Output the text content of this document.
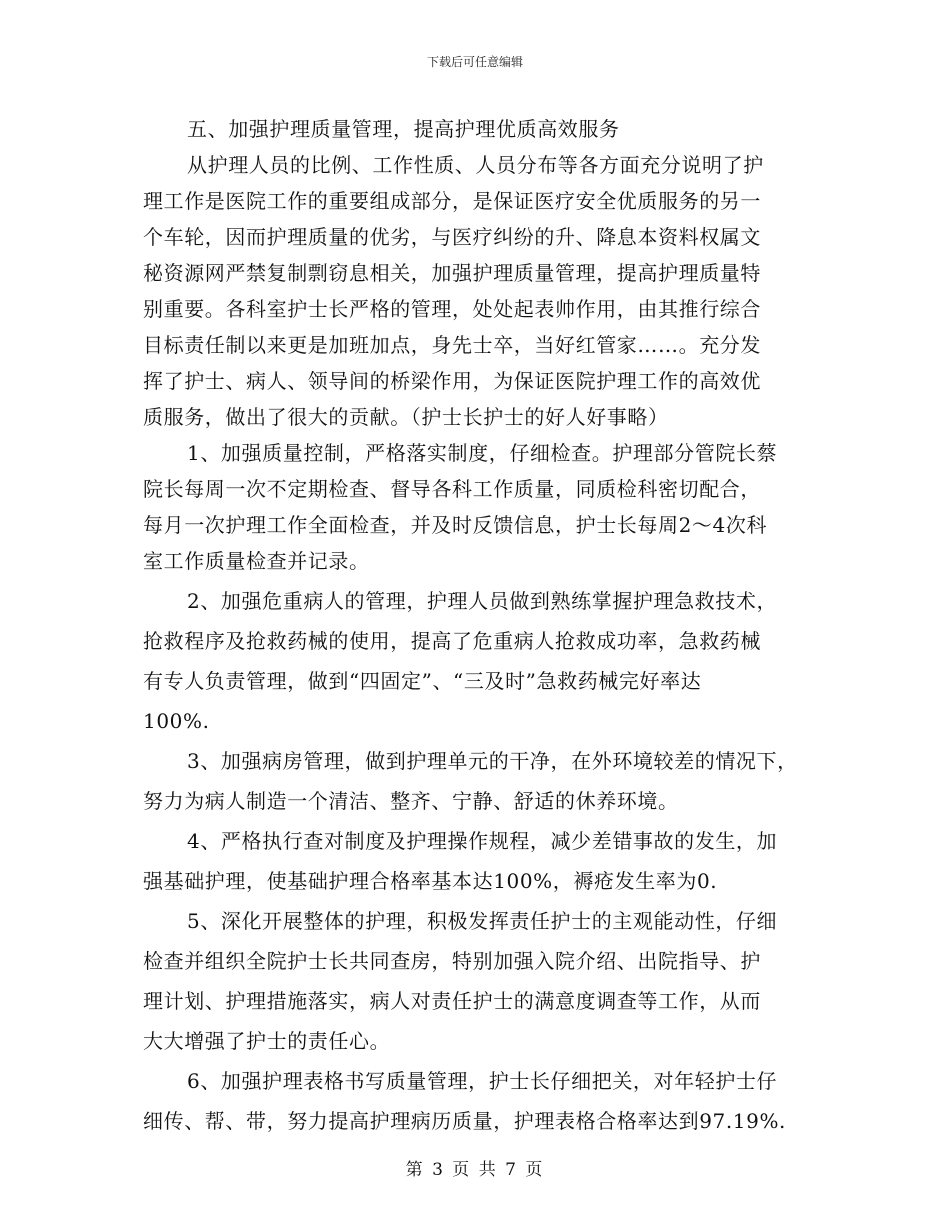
下载后可任意编辑
五、加强护理质量管理，提高护理优质高效服务
从护理人员的比例、工作性质、人员分布等各方面充分说明了护
理工作是医院工作的重要组成部分，是保证医疗安全优质服务的另一
个车轮，因而护理质量的优劣，与医疗纠纷的升、降息本资料权属文
秘资源网严禁复制剽窃息相关，加强护理质量管理，提高护理质量特
别重要。各科室护士长严格的管理，处处起表帅作用，由其推行综合
目标责任制以来更是加班加点，身先士卒，当好红管家……。充分发
挥了护士、病人、领导间的桥梁作用，为保证医院护理工作的高效优
质服务，做出了很大的贡献。（护士长护士的好人好事略）
1、加强质量控制，严格落实制度，仔细检查。护理部分管院长蔡
院长每周一次不定期检查、督导各科工作质量，同质检科密切配合，
每月一次护理工作全面检查，并及时反馈信息，护士长每周2～4次科
室工作质量检查并记录。
2、加强危重病人的管理，护理人员做到熟练掌握护理急救技术，
抢救程序及抢救药械的使用，提高了危重病人抢救成功率，急救药械
有专人负责管理，做到“四固定”、“三及时”急救药械完好率达
100%.
3、加强病房管理，做到护理单元的干净，在外环境较差的情况下，
努力为病人制造一个清洁、整齐、宁静、舒适的休养环境。
4、严格执行查对制度及护理操作规程，减少差错事故的发生，加
强基础护理，使基础护理合格率基本达100%，褥疮发生率为0.
5、深化开展整体的护理，积极发挥责任护士的主观能动性，仔细
检查并组织全院护士长共同查房，特别加强入院介绍、出院指导、护
理计划、护理措施落实，病人对责任护士的满意度调查等工作，从而
大大增强了护士的责任心。
6、加强护理表格书写质量管理，护士长仔细把关，对年轻护士仔
细传、帮、带，努力提高护理病历质量，护理表格合格率达到97.19%.
第 3 页 共 7 页
